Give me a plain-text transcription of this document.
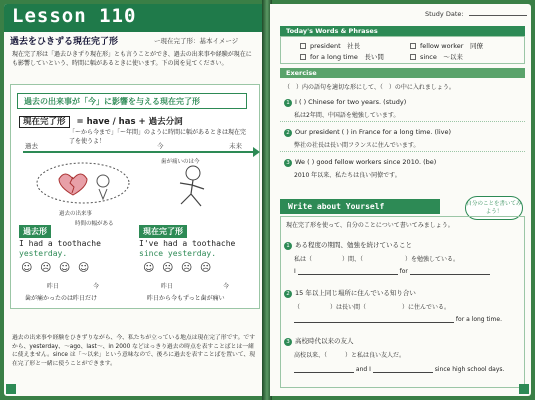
Lesson 110
過去をひきずる現在完了形	ー現在完了形：基本イメージ
現在完了形は「過去ひきずり現在形」とも言うことができ、過去の出来事や経験が現在にも影響していという、時間に幅があるときに使います。下の図を見てください。
過去の出来事が「今」に影響を与える現在完了形
現在完了形 = have / has + 過去分詞
「ーから今まで」「ー年間」のように時間に幅があるときは現在完了を使うよ！
過去	今	未来
過去の出来事
歯が痛いのは今
時間の幅がある
過去形	現在完了形
I had a toothache
yesterday.
I've had a toothache
since yesterday.
☺ ☹ ☺ ☺	☺ ☹ ☹ ☹
昨日	今	昨日	今
歯が痛かったのは昨日だけ	昨日から今もずっと歯が痛い
過去の出来事や経験をひきずりながら、今、私たちが立っている地点は現在完了形です。ですから、yesterday、～ago、last～、in 2000 などはっきり過去の時点を表すことばとは一緒に使えません。since は「～以来」という意味なので、後ろに過去を表すことばを置いて、現在完了形と一緒に使うことができます。
Study Date:
Today's Words & Phrases
president　 社長
for a long time　 長い間
fellow worker　 同僚
since　 ～以来
Exercise
（　）内の語句を適切な形にして、（　）の中に入れましょう。
1 I ( ) Chinese for two years. (study)
私は2年間、中国語を勉強しています。
2 Our president ( ) in France for a long time. (live)
弊社の社長は長い間フランスに住んでいます。
3 We ( ) good fellow workers since 2010. (be)
2010 年以来、私たちは良い同僚です。
Write about Yourself	自分のことを書いてみよう！
現在完了形を使って、自分のことについて書いてみましょう。
1 ある程度の期間、勉強を続けていること
私は（　　　　　）間、（　　　　　　　）を勉強している。
I	for
2 15 年以上同じ場所に住んでいる知り合い
（　　　　　）は長い間（　　　　　　）に住んでいる。
for a long time.
3 高校時代以来の友人
高校以来、（　　　）と私は良い友人だ。
and I	since high school days.
